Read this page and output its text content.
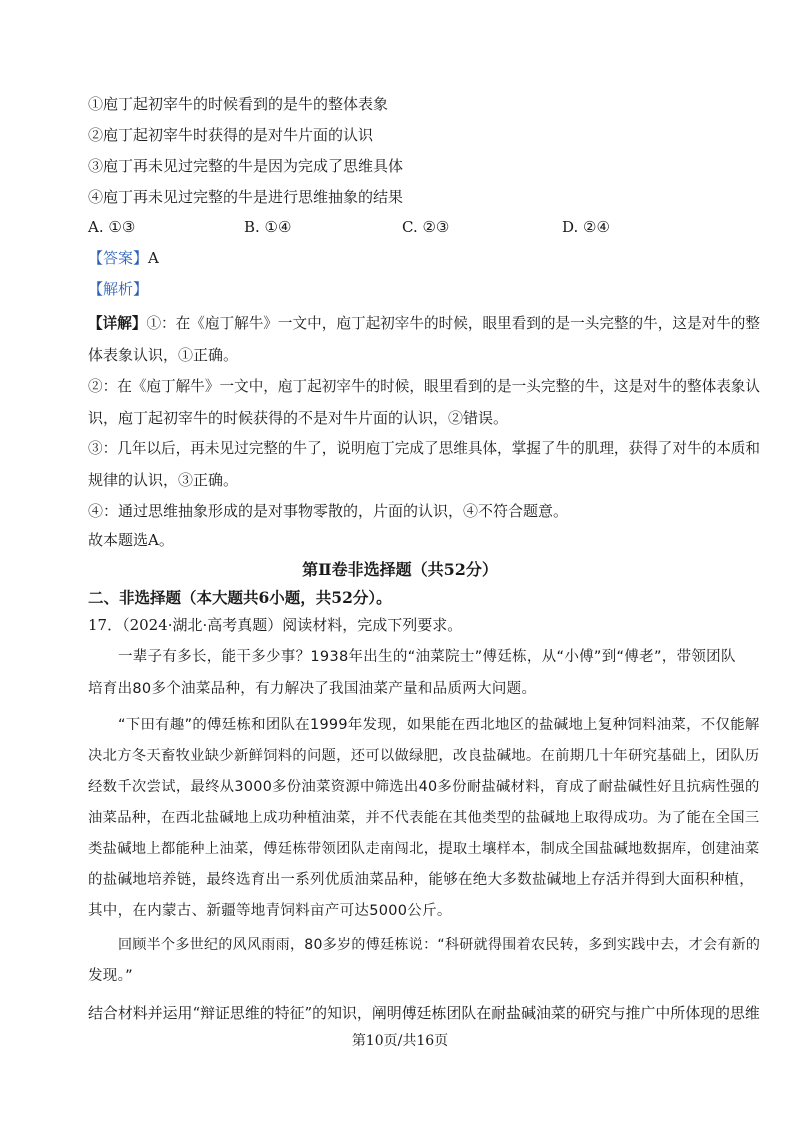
①庖丁起初宰牛的时候看到的是牛的整体表象
②庖丁起初宰牛时获得的是对牛片面的认识
③庖丁再未见过完整的牛是因为完成了思维具体
④庖丁再未见过完整的牛是进行思维抽象的结果
A. ①③	B. ①④	C. ②③	D. ②④
【答案】A
【解析】
【详解】①：在《庖丁解牛》一文中，庖丁起初宰牛的时候，眼里看到的是一头完整的牛，这是对牛的整
体表象认识，①正确。
②：在《庖丁解牛》一文中，庖丁起初宰牛的时候，眼里看到的是一头完整的牛，这是对牛的整体表象认
识，庖丁起初宰牛的时候获得的不是对牛片面的认识，②错误。
③：几年以后，再未见过完整的牛了，说明庖丁完成了思维具体，掌握了牛的肌理，获得了对牛的本质和
规律的认识，③正确。
④：通过思维抽象形成的是对事物零散的，片面的认识，④不符合题意。
故本题选A。
第Ⅱ卷非选择题（共52分）
二、非选择题（本大题共6小题，共52分）。
17．（2024·湖北·高考真题）阅读材料，完成下列要求。
一辈子有多长，能干多少事？1938年出生的“油菜院士”傅廷栋，从“小傅”到“傅老”，带领团队
培育出80多个油菜品种，有力解决了我国油菜产量和品质两大问题。
“下田有趣”的傅廷栋和团队在1999年发现，如果能在西北地区的盐碱地上复种饲料油菜，不仅能解
决北方冬天畜牧业缺少新鲜饲料的问题，还可以做绿肥，改良盐碱地。在前期几十年研究基础上，团队历
经数千次尝试，最终从3000多份油菜资源中筛选出40多份耐盐碱材料，育成了耐盐碱性好且抗病性强的
油菜品种，在西北盐碱地上成功种植油菜，并不代表能在其他类型的盐碱地上取得成功。为了能在全国三
类盐碱地上都能种上油菜，傅廷栋带领团队走南闯北，提取土壤样本，制成全国盐碱地数据库，创建油菜
的盐碱地培养链，最终选育出一系列优质油菜品种，能够在绝大多数盐碱地上存活并得到大面积种植，
其中，在内蒙古、新疆等地青饲料亩产可达5000公斤。
回顾半个多世纪的风风雨雨，80多岁的傅廷栋说：“科研就得围着农民转，多到实践中去，才会有新的
发现。”
结合材料并运用“辩证思维的特征”的知识，阐明傅廷栋团队在耐盐碱油菜的研究与推广中所体现的思维
第10页/共16页
